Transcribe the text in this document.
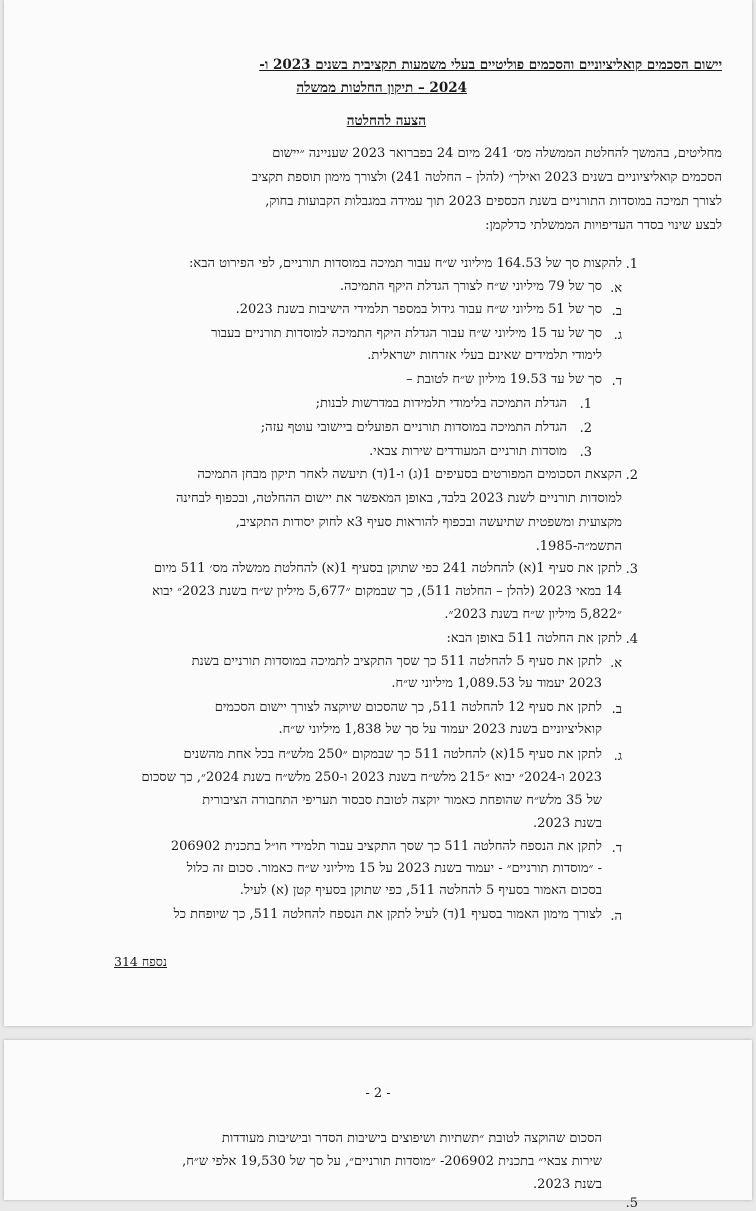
יישום הסכמים קואליציוניים והסכמים פוליטיים בעלי משמעות תקציבית בשנים 2023 ו-
2024 – תיקון החלטות ממשלה
הצעה להחלטה
מחליטים, בהמשך להחלטת הממשלה מס׳ 241 מיום 24 בפברואר 2023 שעניינה ״יישום
הסכמים קואליציוניים בשנים 2023 ואילך״ (להלן – החלטה 241) ולצורך מימון תוספת תקציב
לצורך תמיכה במוסדות התורניים בשנת הכספים 2023 תוך עמידה במגבלות הקבועות בחוק,
לבצע שינוי בסדר העדיפויות הממשלתי כדלקמן:
1.
להקצות סך של 164.53 מיליוני ש״ח עבור תמיכה במוסדות תורניים, לפי הפירוט הבא:
א.
סך של 79 מיליוני ש״ח לצורך הגדלת היקף התמיכה.
ב.
סך של 51 מיליוני ש״ח עבור גידול במספר תלמידי הישיבות בשנת 2023.
ג.
סך של עד 15 מיליוני ש״ח עבור הגדלת היקף התמיכה למוסדות תורניים בעבור
לימודי תלמידים שאינם בעלי אזרחות ישראלית.
ד.
סך של עד 19.53 מיליון ש״ח לטובת –
1.
הגדלת התמיכה בלימודי תלמידות במדרשות לבנות;
2.
הגדלת התמיכה במוסדות תורניים הפועלים ביישובי עוטף עזה;
3.
מוסדות תורניים המעודדים שירות צבאי.
2.
הקצאת הסכומים המפורטים בסעיפים 1(ג) ו-1(ד) תיעשה לאחר תיקון מבחן התמיכה
למוסדות תורניים לשנת 2023 בלבד, באופן המאפשר את יישום ההחלטה, ובכפוף לבחינה
מקצועית ומשפטית שתיעשה ובכפוף להוראות סעיף 3א לחוק יסודות התקציב,
התשמ״ה-1985.
3.
לתקן את סעיף 1(א) להחלטה 241 כפי שתוקן בסעיף 1(א) להחלטת ממשלה מס׳ 511 מיום
14 במאי 2023 (להלן – החלטה 511), כך שבמקום ״5,677 מיליון ש״ח בשנת 2023״ יבוא
״5,822 מיליון ש״ח בשנת 2023״.
4.
לתקן את החלטה 511 באופן הבא:
א.
לתקן את סעיף 5 להחלטה 511 כך שסך התקציב לתמיכה במוסדות תורניים בשנת
2023 יעמוד על 1,089.53 מיליוני ש״ח.
ב.
לתקן את סעיף 12 להחלטה 511, כך שהסכום שיוקצה לצורך יישום הסכמים
קואליציוניים בשנת 2023 יעמוד על סך של 1,838 מיליוני ש״ח.
ג.
לתקן את סעיף 15(א) להחלטה 511 כך שבמקום ״250 מלש״ח בכל אחת מהשנים
2023 ו-2024״ יבוא ״215 מלש״ח בשנת 2023 ו-250 מלש״ח בשנת 2024״, כך שסכום
של 35 מלש״ח שהופחת כאמור יוקצה לטובת סבסוד תעריפי התחבורה הציבורית
בשנת 2023.
ד.
לתקן את הנספח להחלטה 511 כך שסך התקציב עבור תלמידי חו״ל בתכנית 206902
- ״מוסדות תורניים״ - יעמוד בשנת 2023 על 15 מיליוני ש״ח כאמור. סכום זה כלול
בסכום האמור בסעיף 5 להחלטה 511, כפי שתוקן בסעיף קטן (א) לעיל.
ה.
לצורך מימון האמור בסעיף 1(ד) לעיל לתקן את הנספח להחלטה 511, כך שיופחת כל
נספח 314
- 2 -
הסכום שהוקצה לטובת ״תשתיות ושיפוצים בישיבות הסדר ובישיבות מעודדות
שירות צבאי״ בתכנית 206902- ״מוסדות תורניים״, על סך של 19,530 אלפי ש״ח,
בשנת 2023.
5.
